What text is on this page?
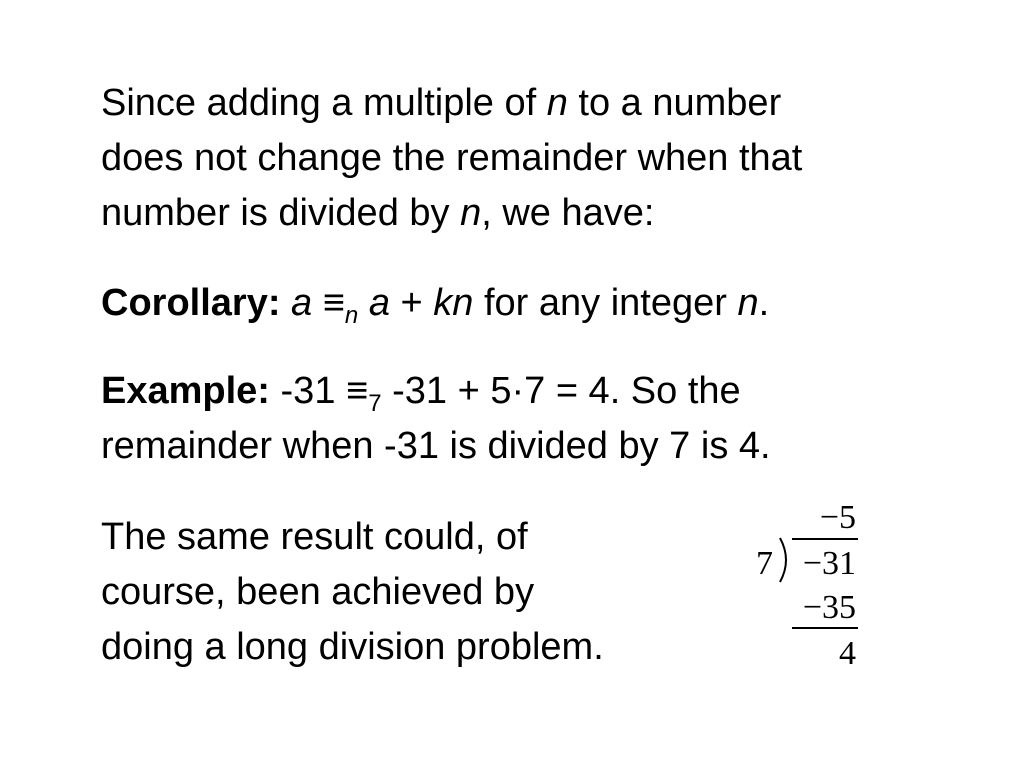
Since adding a multiple of n to a number
does not change the remainder when that
number is divided by n, we have:

Corollary: $a \equiv_n$ a + kn for any integer n.

Example: $-31 \equiv_7$ -31 + 5·7 = 4. So the
remainder when -31 is divided by 7 is 4.

The same result could, of
course, been achieved by
doing a long division problem.

−5
7 −31
−35
4
